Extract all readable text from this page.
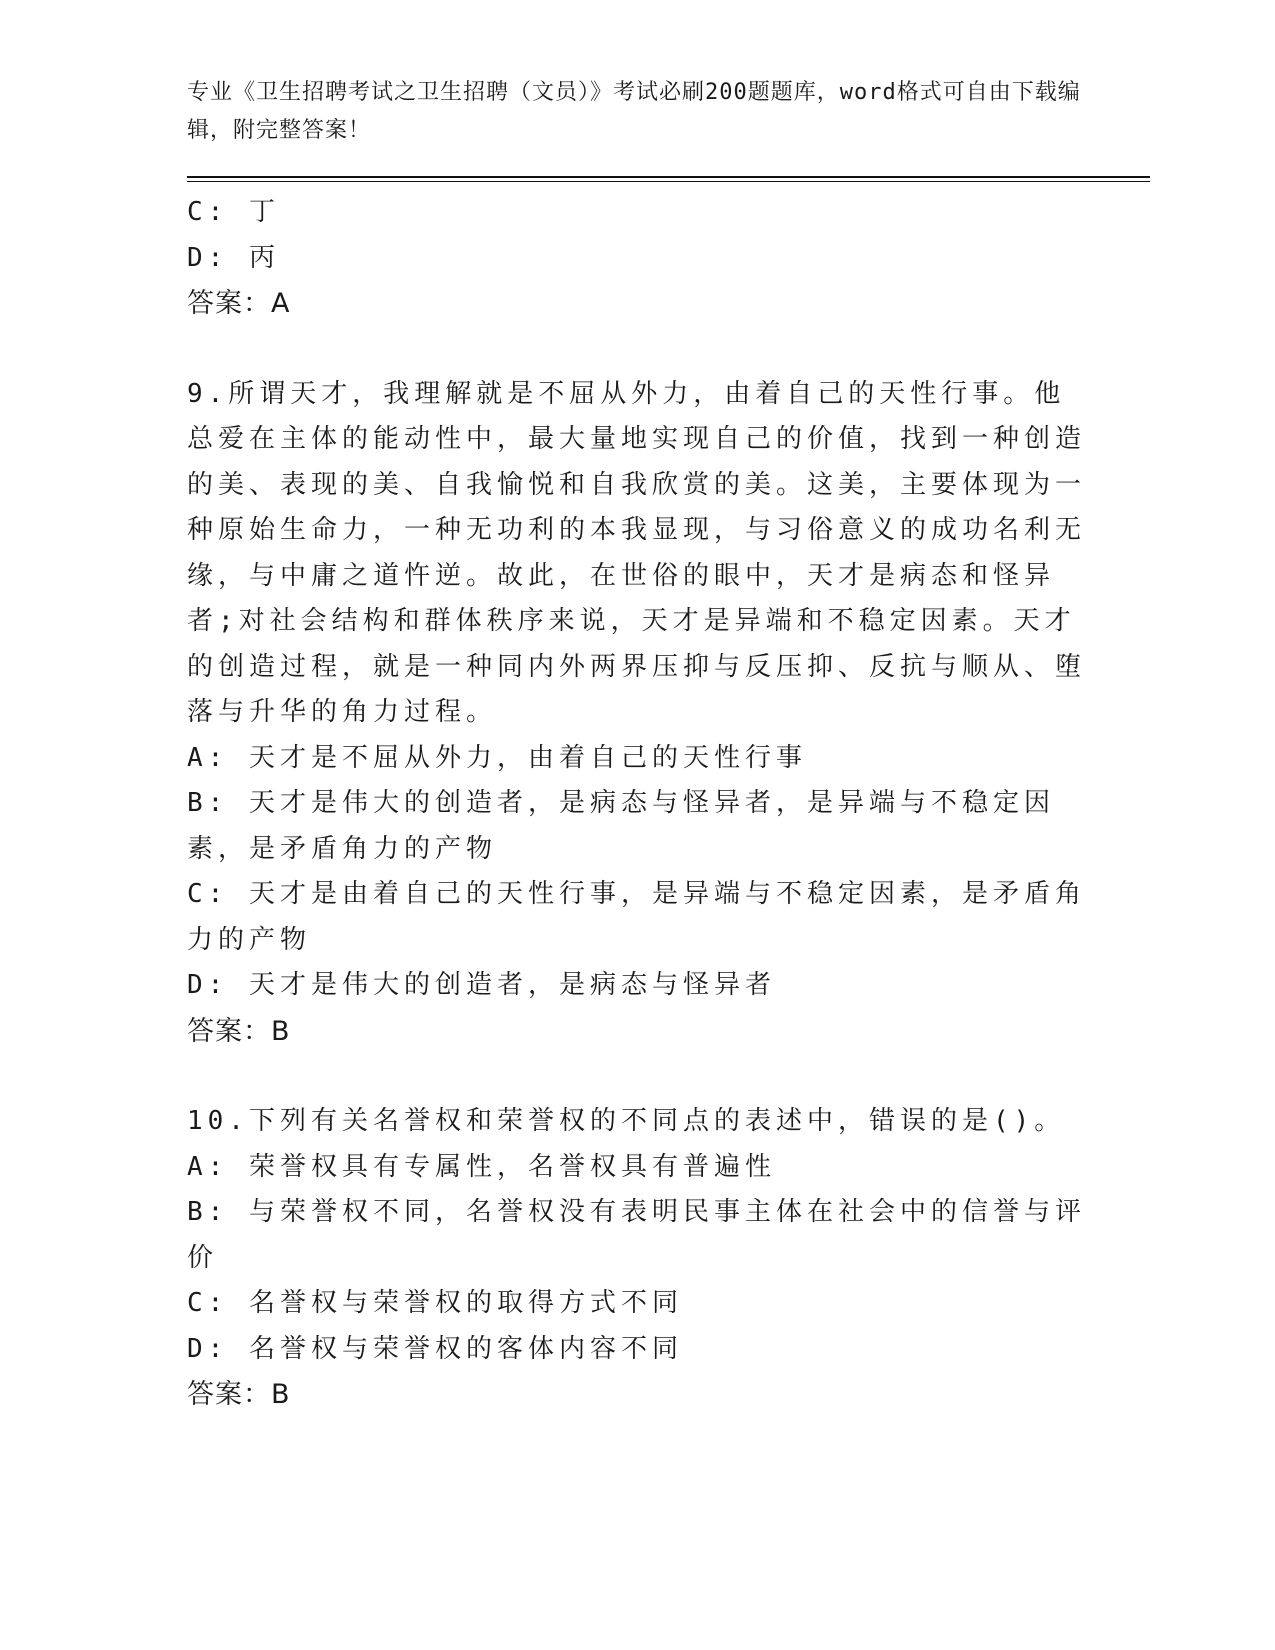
专业《卫生招聘考试之卫生招聘（文员）》考试必刷200题题库，word格式可自由下载编辑，附完整答案！

C: 丁

D: 丙

答案：A

9.所谓天才，我理解就是不屈从外力，由着自己的天性行事。他总爱在主体的能动性中，最大量地实现自己的价值，找到一种创造的美、表现的美、自我愉悦和自我欣赏的美。这美，主要体现为一种原始生命力，一种无功利的本我显现，与习俗意义的成功名利无缘，与中庸之道忤逆。故此，在世俗的眼中，天才是病态和怪异者;对社会结构和群体秩序来说，天才是异端和不稳定因素。天才的创造过程，就是一种同内外两界压抑与反压抑、反抗与顺从、堕落与升华的角力过程。

A: 天才是不屈从外力，由着自己的天性行事

B: 天才是伟大的创造者，是病态与怪异者，是异端与不稳定因素，是矛盾角力的产物

C: 天才是由着自己的天性行事，是异端与不稳定因素，是矛盾角力的产物

D: 天才是伟大的创造者，是病态与怪异者

答案：B

10.下列有关名誉权和荣誉权的不同点的表述中，错误的是()。

A: 荣誉权具有专属性，名誉权具有普遍性

B: 与荣誉权不同，名誉权没有表明民事主体在社会中的信誉与评价

C: 名誉权与荣誉权的取得方式不同

D: 名誉权与荣誉权的客体内容不同

答案：B
